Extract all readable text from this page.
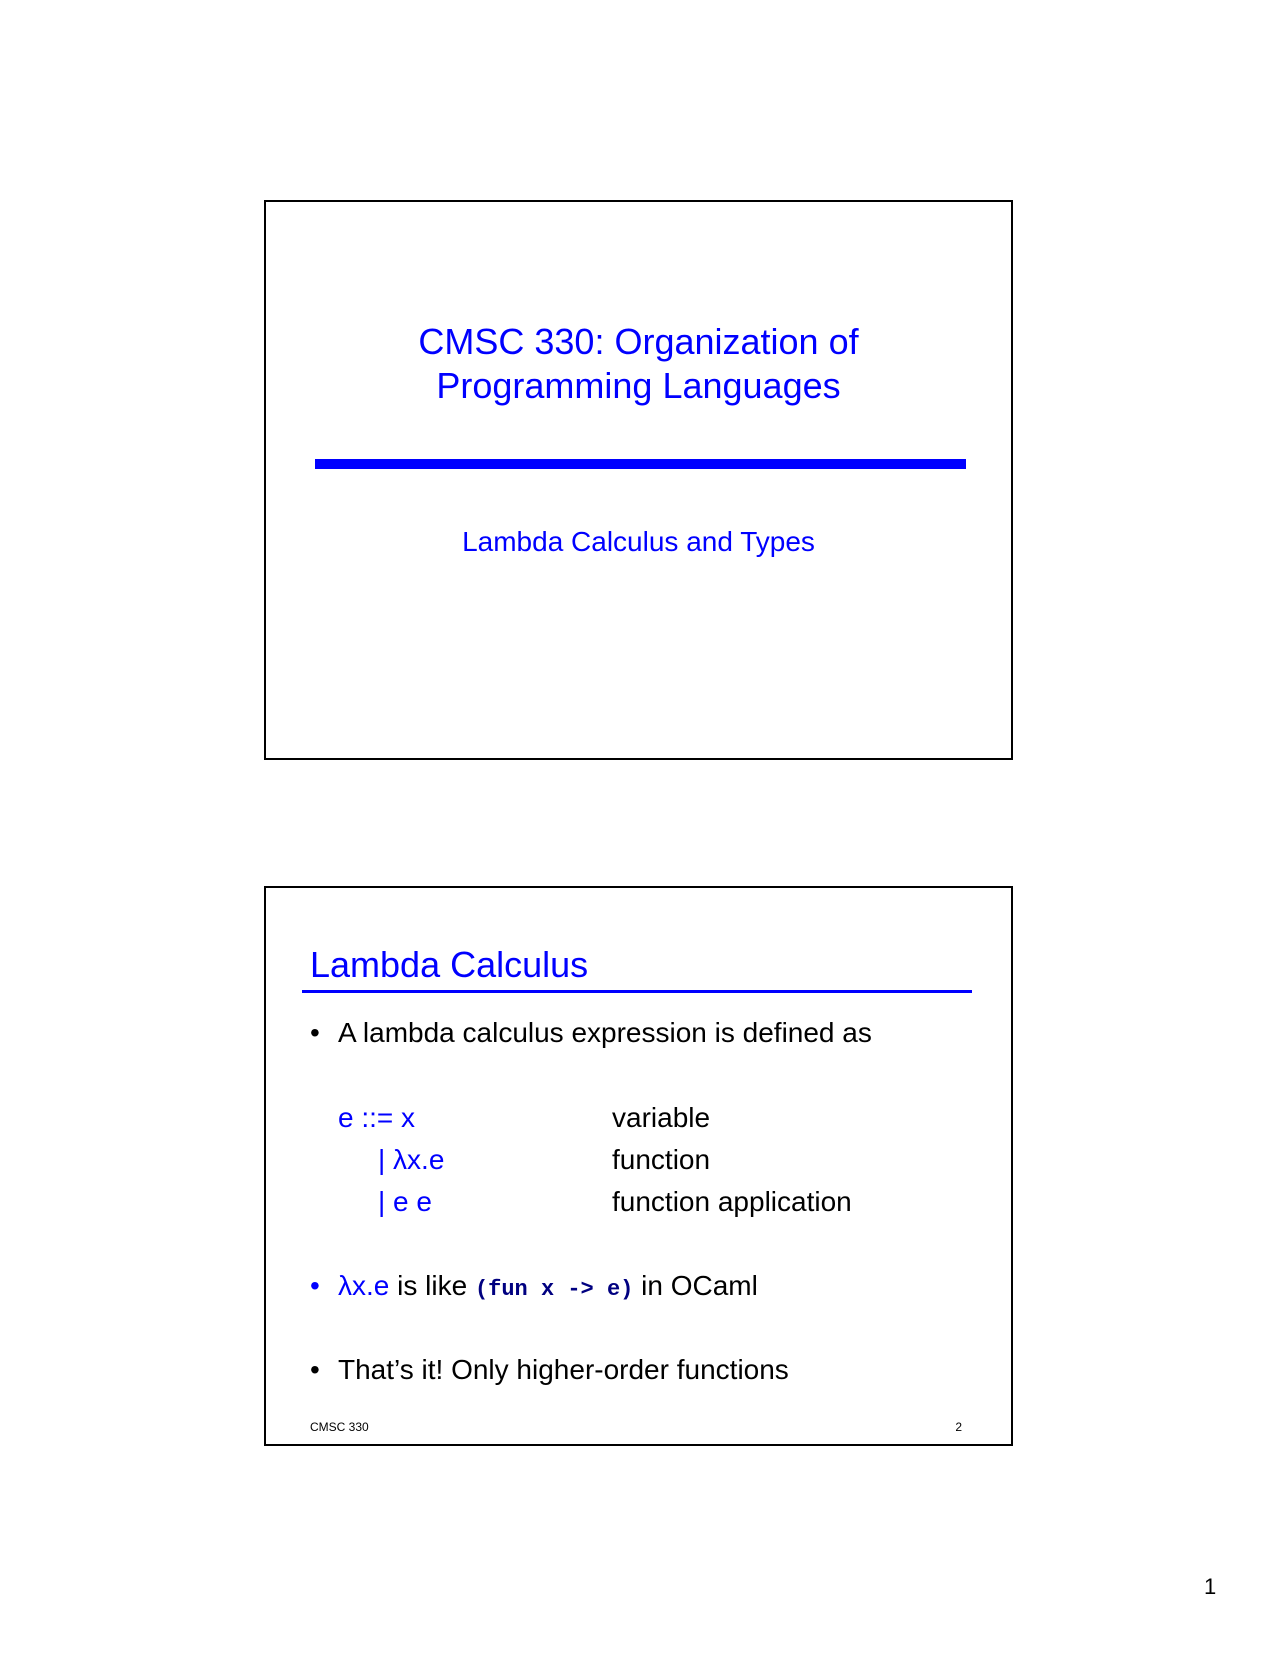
CMSC 330: Organization of
Programming Languages
Lambda Calculus and Types
Lambda Calculus
• A lambda calculus expression is defined as
e ::= x	variable
| λx.e	function
| e e	function application
• λx.e is like (fun x -> e) in OCaml
• That’s it! Only higher-order functions
CMSC 330	2
1
